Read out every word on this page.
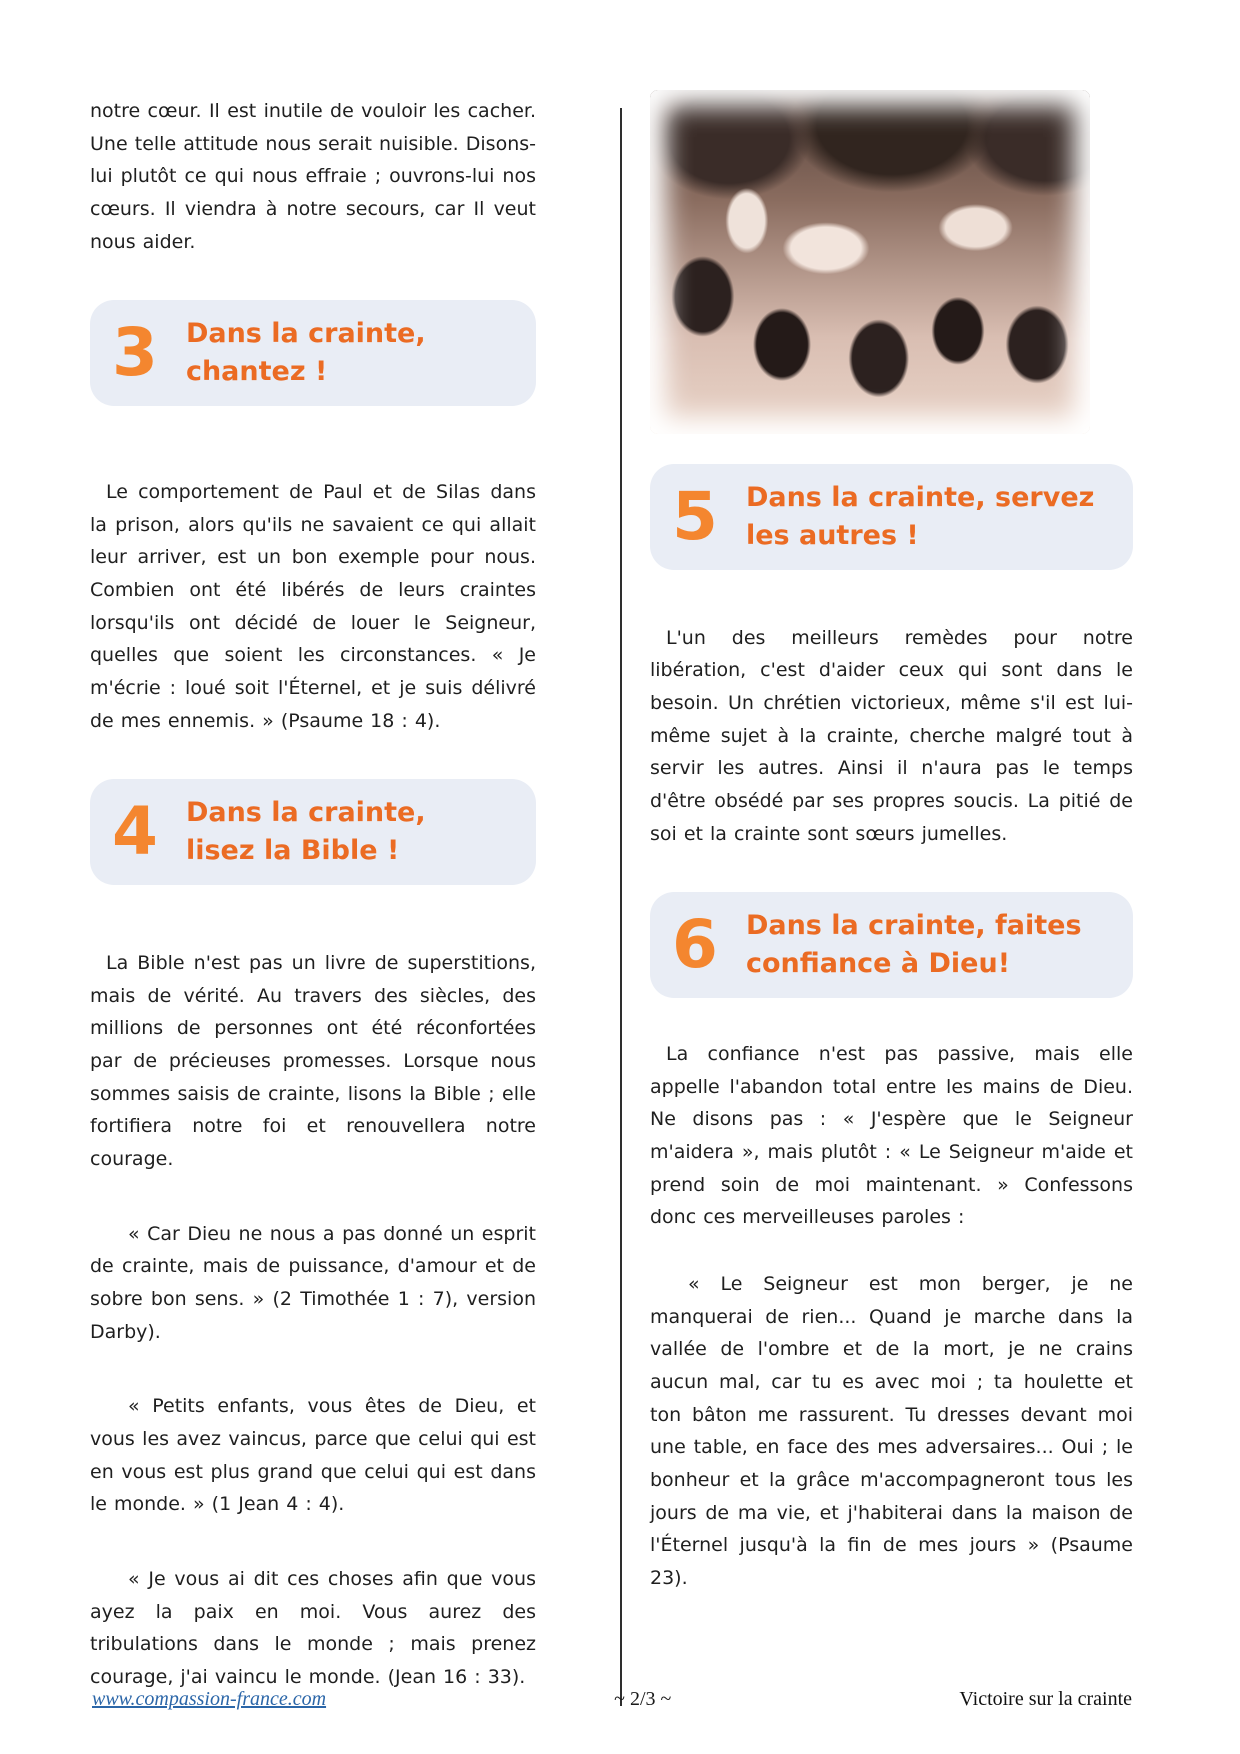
notre cœur. Il est inutile de vouloir les cacher. Une telle attitude nous serait nuisible. Disons-lui plutôt ce qui nous effraie ; ouvrons-lui nos cœurs. Il viendra à notre secours, car Il veut nous aider.

3 Dans la crainte,
chantez !

Le comportement de Paul et de Silas dans la prison, alors qu'ils ne savaient ce qui allait leur arriver, est un bon exemple pour nous. Combien ont été libérés de leurs craintes lorsqu'ils ont décidé de louer le Seigneur, quelles que soient les circonstances. « Je m'écrie : loué soit l'Éternel, et je suis délivré de mes ennemis. » (Psaume 18 : 4).

4 Dans la crainte,
lisez la Bible !

La Bible n'est pas un livre de superstitions, mais de vérité. Au travers des siècles, des millions de personnes ont été réconfortées par de précieuses promesses. Lorsque nous sommes saisis de crainte, lisons la Bible ; elle fortifiera notre foi et renouvellera notre courage.

« Car Dieu ne nous a pas donné un esprit de crainte, mais de puissance, d'amour et de sobre bon sens. » (2 Timothée 1 : 7), version Darby).

« Petits enfants, vous êtes de Dieu, et vous les avez vaincus, parce que celui qui est en vous est plus grand que celui qui est dans le monde. » (1 Jean 4 : 4).

« Je vous ai dit ces choses afin que vous ayez la paix en moi. Vous aurez des tribulations dans le monde ; mais prenez courage, j'ai vaincu le monde. (Jean 16 : 33).

5 Dans la crainte, servez
les autres !

L'un des meilleurs remèdes pour notre libération, c'est d'aider ceux qui sont dans le besoin. Un chrétien victorieux, même s'il est lui-même sujet à la crainte, cherche malgré tout à servir les autres. Ainsi il n'aura pas le temps d'être obsédé par ses propres soucis. La pitié de soi et la crainte sont sœurs jumelles.

6 Dans la crainte, faites
confiance à Dieu!

La confiance n'est pas passive, mais elle appelle l'abandon total entre les mains de Dieu. Ne disons pas : « J'espère que le Seigneur m'aidera », mais plutôt : « Le Seigneur m'aide et prend soin de moi maintenant. » Confessons donc ces merveilleuses paroles :

« Le Seigneur est mon berger, je ne manquerai de rien... Quand je marche dans la vallée de l'ombre et de la mort, je ne crains aucun mal, car tu es avec moi ; ta houlette et ton bâton me rassurent. Tu dresses devant moi une table, en face des mes adversaires... Oui ; le bonheur et la grâce m'accompagneront tous les jours de ma vie, et j'habiterai dans la maison de l'Éternel jusqu'à la fin de mes jours » (Psaume 23).

www.compassion-france.com	~ 2/3 ~	Victoire sur la crainte
